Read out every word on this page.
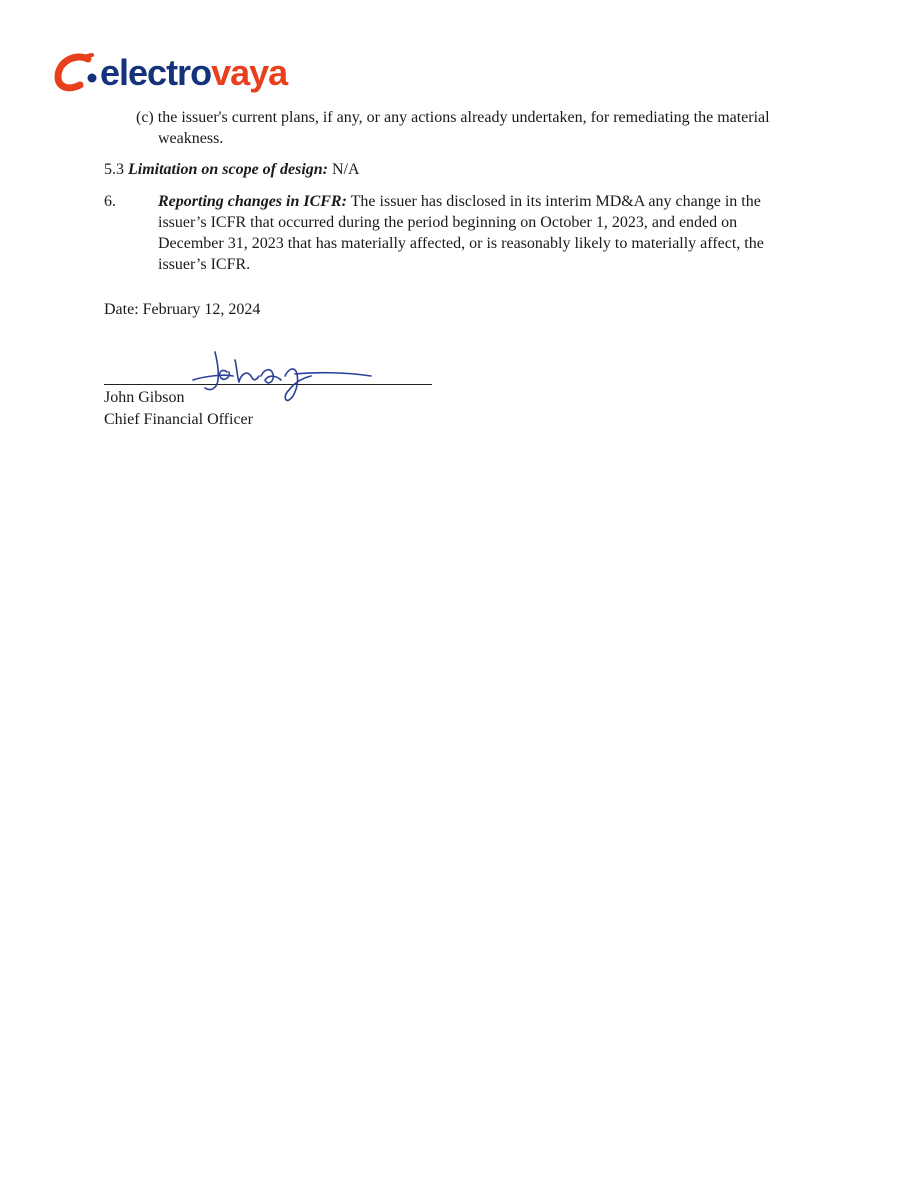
electrovaya
(c) the issuer's current plans, if any, or any actions already undertaken, for remediating the material
weakness.
5.3 Limitation on scope of design: N/A
6.	Reporting changes in ICFR: The issuer has disclosed in its interim MD&A any change in the issuer’s ICFR that occurred during the period beginning on October 1, 2023, and ended on December 31, 2023 that has materially affected, or is reasonably likely to materially affect, the issuer’s ICFR.
Date: February 12, 2024
John Gibson
Chief Financial Officer
